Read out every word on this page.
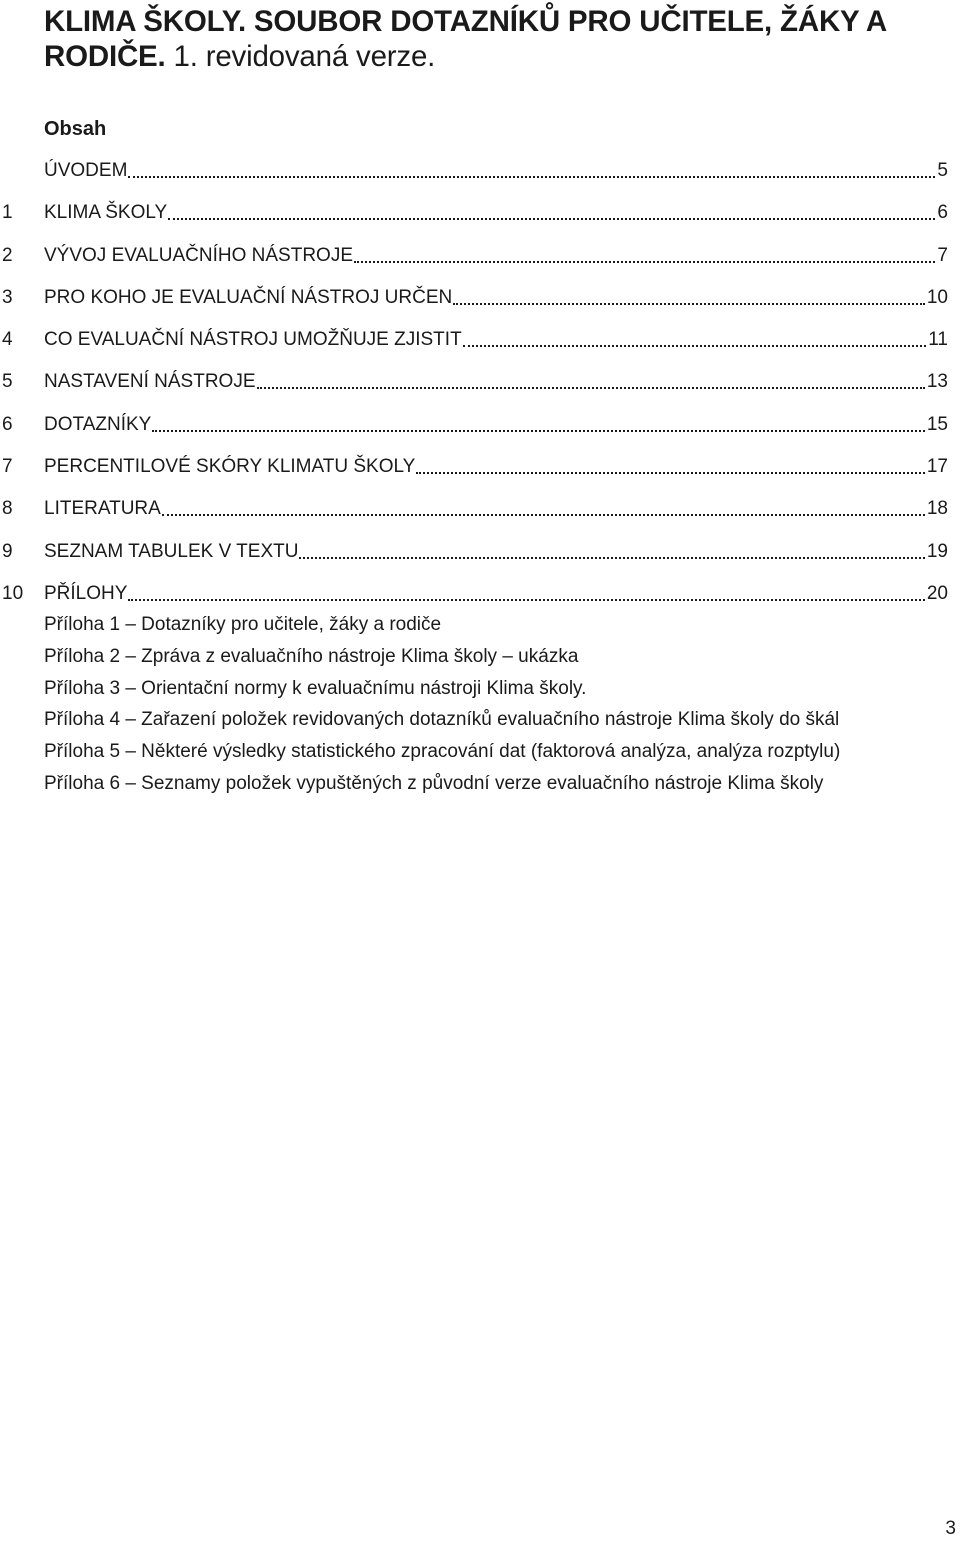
KLIMA ŠKOLY. SOUBOR DOTAZNÍKŮ PRO UČITELE, ŽÁKY A RODIČE. 1. revidovaná verze.
Obsah
ÚVODEM	5
1 KLIMA ŠKOLY	6
2 VÝVOJ EVALUAČNÍHO NÁSTROJE	7
3 PRO KOHO JE EVALUAČNÍ NÁSTROJ URČEN	10
4 CO EVALUAČNÍ NÁSTROJ UMOŽŇUJE ZJISTIT	11
5 NASTAVENÍ NÁSTROJE	13
6 DOTAZNÍKY	15
7 PERCENTILOVÉ SKÓRY KLIMATU ŠKOLY	17
8 LITERATURA	18
9 SEZNAM TABULEK V TEXTU	19
10 PŘÍLOHY	20
Příloha 1 – Dotazníky pro učitele, žáky a rodiče
Příloha 2 – Zpráva z evaluačního nástroje Klima školy – ukázka
Příloha 3 – Orientační normy k evaluačnímu nástroji Klima školy.
Příloha 4 – Zařazení položek revidovaných dotazníků evaluačního nástroje Klima školy do škál
Příloha 5 – Některé výsledky statistického zpracování dat (faktorová analýza, analýza rozptylu)
Příloha 6 – Seznamy položek vypuštěných z původní verze evaluačního nástroje Klima školy
3
